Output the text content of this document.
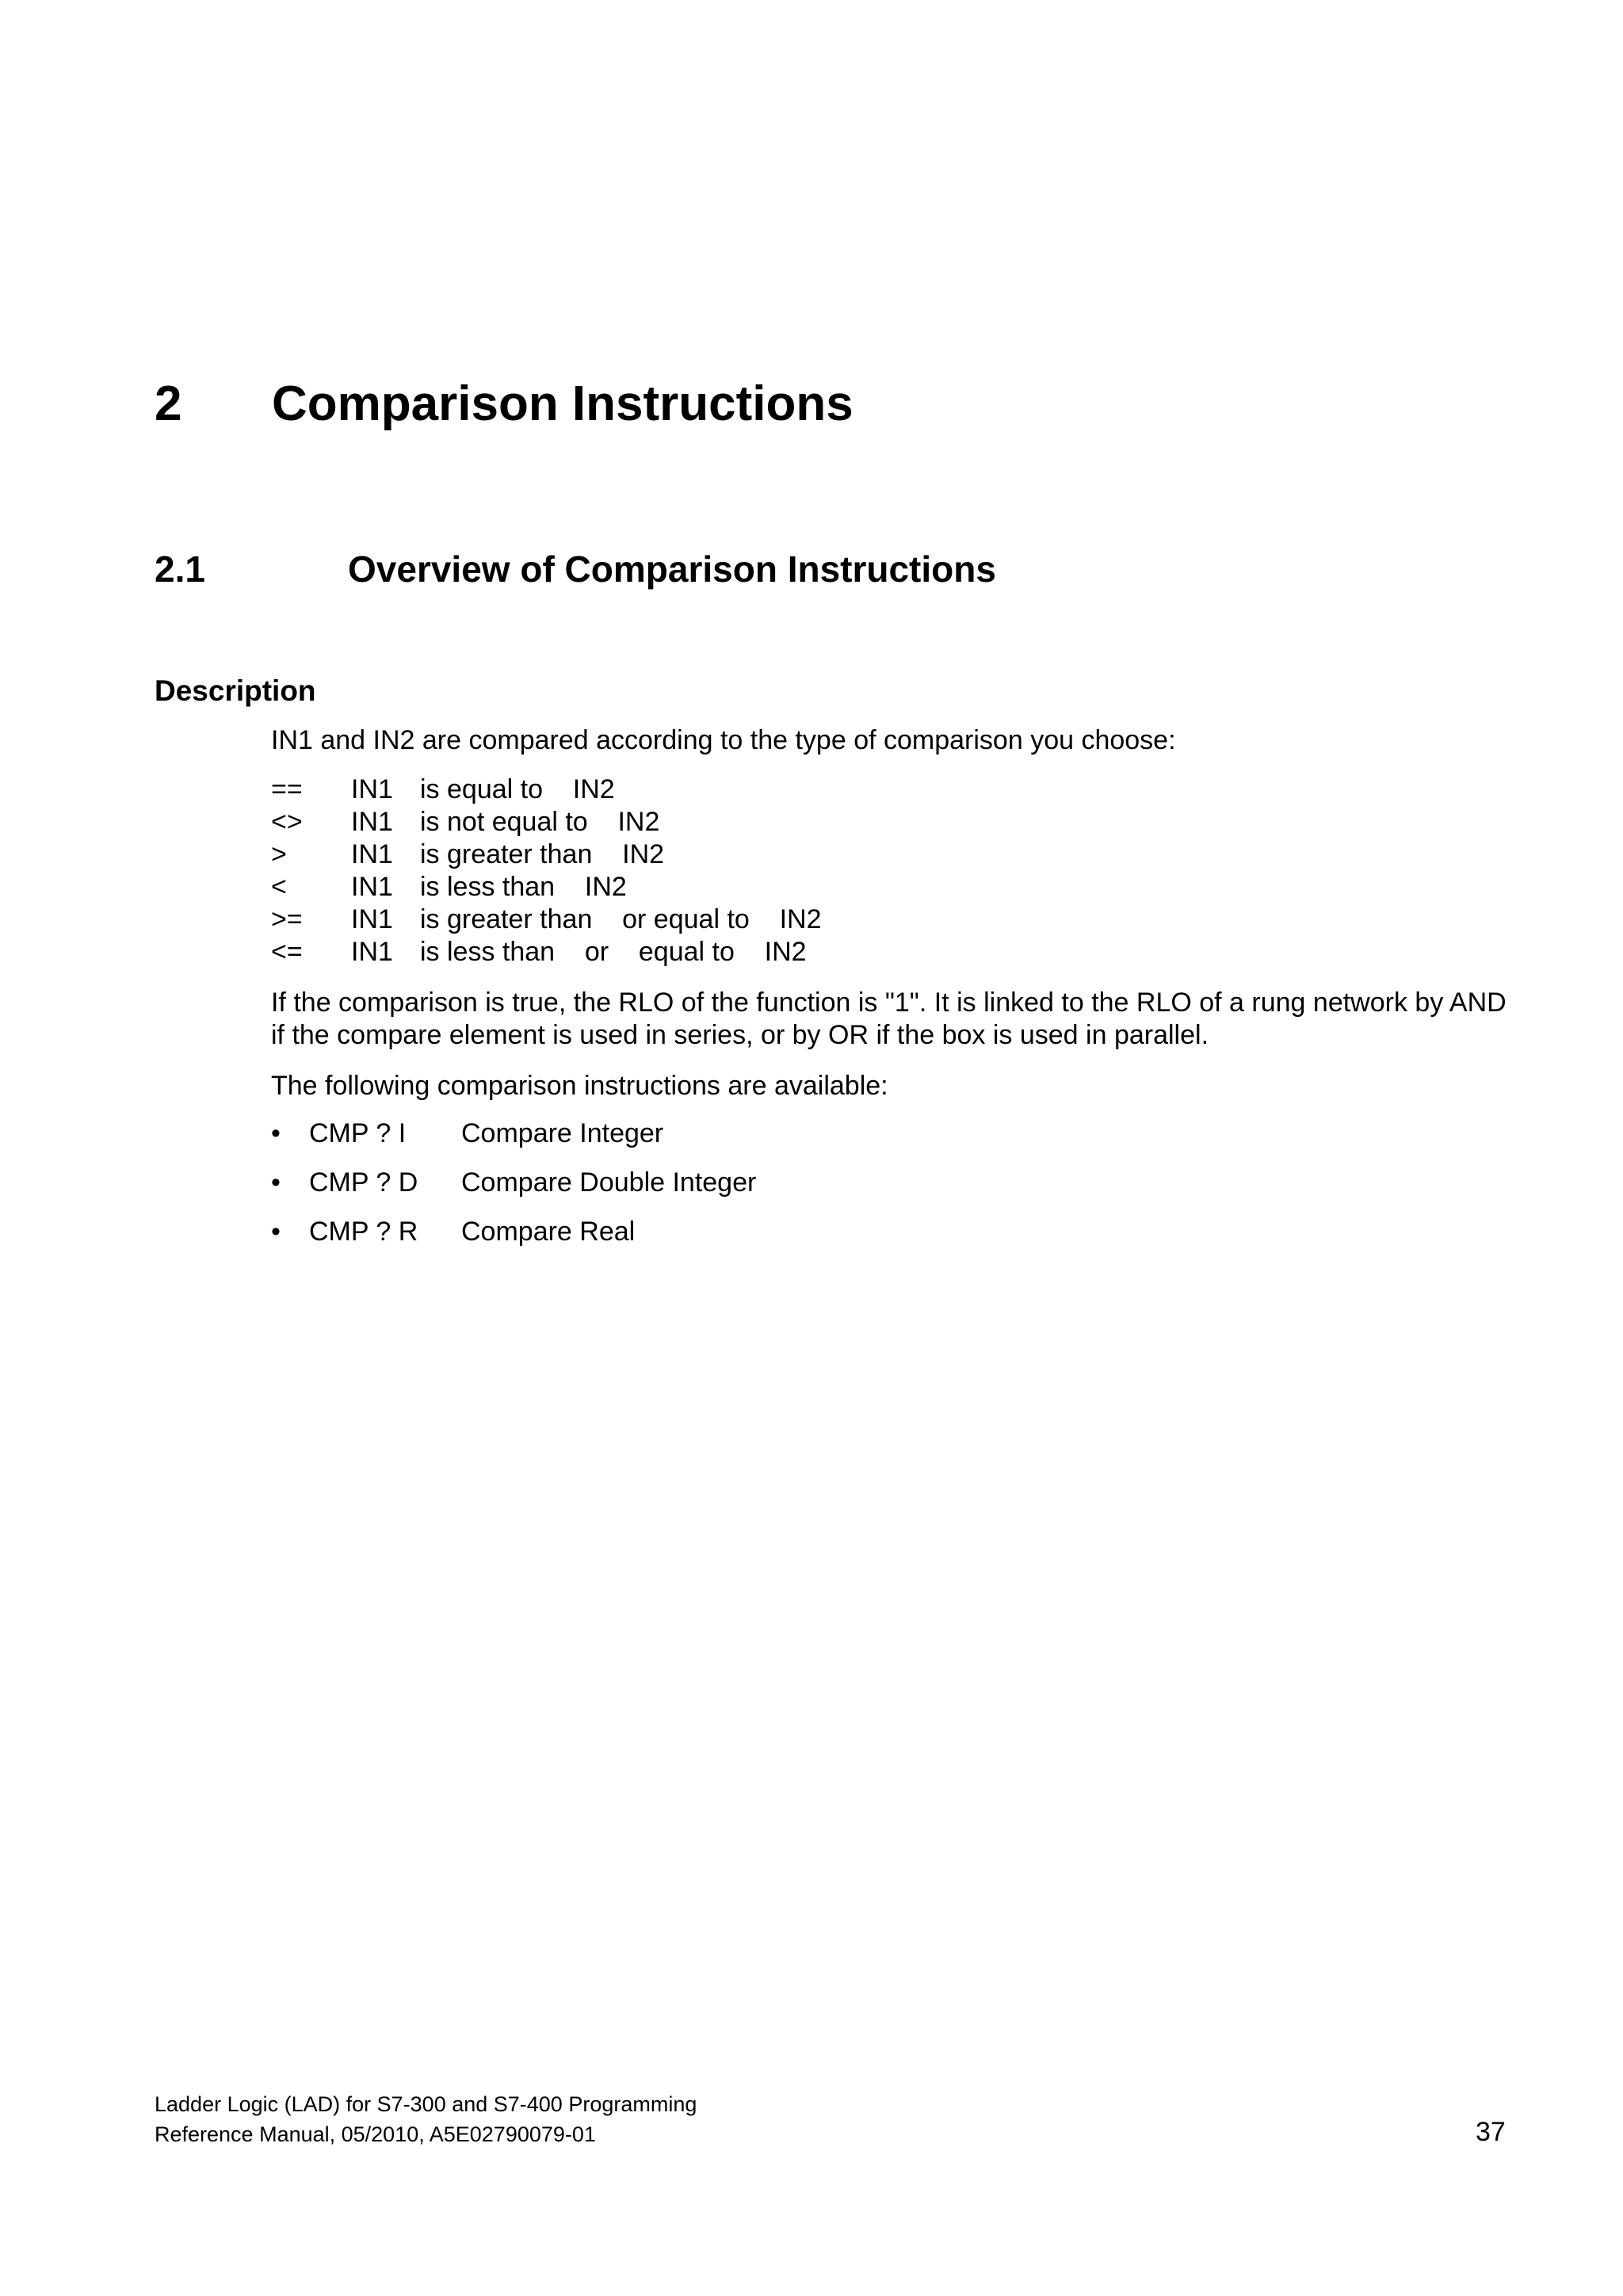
2 Comparison Instructions
2.1	Overview of Comparison Instructions
Description
IN1 and IN2 are compared according to the type of comparison you choose:
== IN1 is equal to    IN2
<> IN1 is not equal to    IN2
> IN1 is greater than    IN2
< IN1 is less than    IN2
>= IN1 is greater than    or equal to    IN2
<= IN1 is less than    or    equal to    IN2
If the comparison is true, the RLO of the function is "1". It is linked to the RLO of a rung network by AND if the compare element is used in series, or by OR if the box is used in parallel.
The following comparison instructions are available:
• CMP ? I Compare Integer
• CMP ? D Compare Double Integer
• CMP ? R Compare Real
Ladder Logic (LAD) for S7-300 and S7-400 Programming
Reference Manual, 05/2010, A5E02790079-01	37
